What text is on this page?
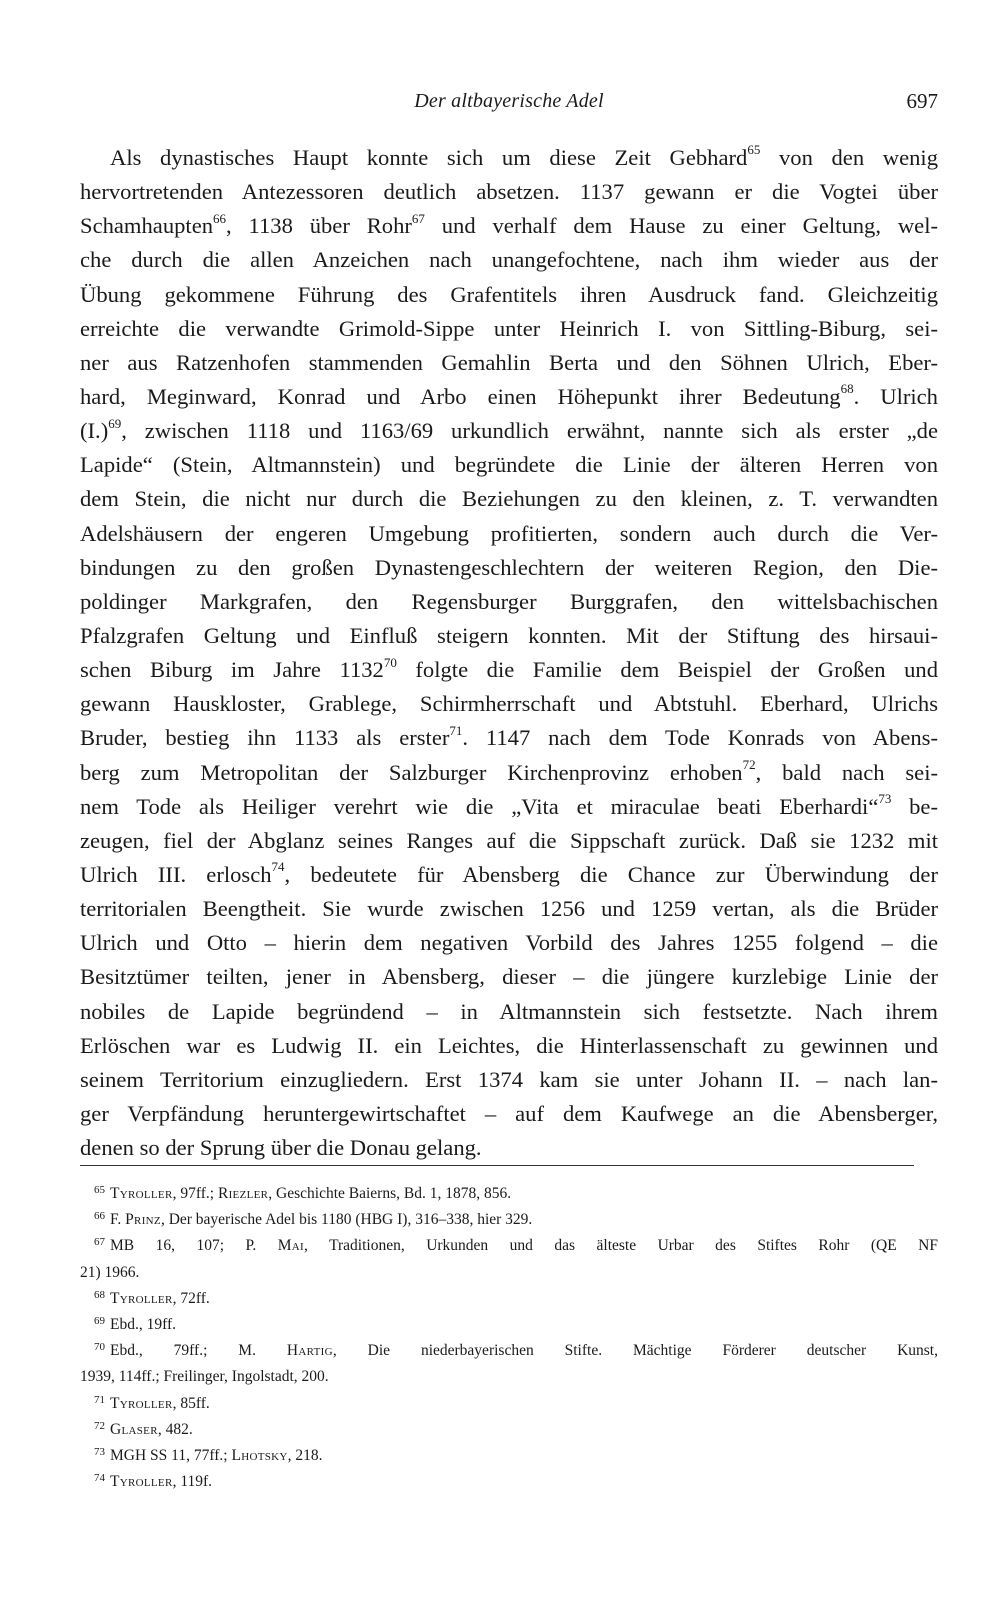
Der altbayerische Adel	697
Als dynastisches Haupt konnte sich um diese Zeit Gebhard$^{65}$ von den wenig
hervortretenden Antezessoren deutlich absetzen. 1137 gewann er die Vogtei über
Schamhaupten$^{66}$, 1138 über Rohr$^{67}$ und verhalf dem Hause zu einer Geltung, wel-
che durch die allen Anzeichen nach unangefochtene, nach ihm wieder aus der
Übung gekommene Führung des Grafentitels ihren Ausdruck fand. Gleichzeitig
erreichte die verwandte Grimold-Sippe unter Heinrich I. von Sittling-Biburg, sei-
ner aus Ratzenhofen stammenden Gemahlin Berta und den Söhnen Ulrich, Eber-
hard, Meginward, Konrad und Arbo einen Höhepunkt ihrer Bedeutung$^{68}$. Ulrich
$(I.)^{69}$, zwischen 1118 und 1163/69 urkundlich erwähnt, nannte sich als erster „de
Lapide“ (Stein, Altmannstein) und begründete die Linie der älteren Herren von
dem Stein, die nicht nur durch die Beziehungen zu den kleinen, z. T. verwandten
Adelshäusern der engeren Umgebung profitierten, sondern auch durch die Ver-
bindungen zu den großen Dynastengeschlechtern der weiteren Region, den Die-
poldinger Markgrafen, den Regensburger Burggrafen, den wittelsbachischen
Pfalzgrafen Geltung und Einfluß steigern konnten. Mit der Stiftung des hirsaui-
schen Biburg im Jahre 1132$^{70}$ folgte die Familie dem Beispiel der Großen und
gewann Hauskloster, Grablege, Schirmherrschaft und Abtstuhl. Eberhard, Ulrichs
Bruder, bestieg ihn 1133 als erster$^{71}$. 1147 nach dem Tode Konrads von Abens-
berg zum Metropolitan der Salzburger Kirchenprovinz erhoben$^{72}$, bald nach sei-
nem Tode als Heiliger verehrt wie die „Vita et miraculae beati Eberhardi“$^{73}$ be-
zeugen, fiel der Abglanz seines Ranges auf die Sippschaft zurück. Daß sie 1232 mit
Ulrich III. erlosch$^{74}$, bedeutete für Abensberg die Chance zur Überwindung der
territorialen Beengtheit. Sie wurde zwischen 1256 und 1259 vertan, als die Brüder
Ulrich und Otto – hierin dem negativen Vorbild des Jahres 1255 folgend – die
Besitztümer teilten, jener in Abensberg, dieser – die jüngere kurzlebige Linie der
nobiles de Lapide begründend – in Altmannstein sich festsetzte. Nach ihrem
Erlöschen war es Ludwig II. ein Leichtes, die Hinterlassenschaft zu gewinnen und
seinem Territorium einzugliedern. Erst 1374 kam sie unter Johann II. – nach lan-
ger Verpfändung heruntergewirtschaftet – auf dem Kaufwege an die Abensberger,
denen so der Sprung über die Donau gelang.
$^{65}$ Tyroller, 97ff.; Riezler, Geschichte Baierns, Bd. 1, 1878, 856.
$^{66}$ F. Prinz, Der bayerische Adel bis 1180 (HBG I), 316–338, hier 329.
$^{67}$ MB 16, 107; P. Mai, Traditionen, Urkunden und das älteste Urbar des Stiftes Rohr (QE NF
21) 1966.
$^{68}$ Tyroller, 72ff.
$^{69}$ Ebd., 19ff.
$^{70}$ Ebd., 79ff.; M. Hartig, Die niederbayerischen Stifte. Mächtige Förderer deutscher Kunst,
1939, 114ff.; Freilinger, Ingolstadt, 200.
$^{71}$ Tyroller, 85ff.
$^{72}$ Glaser, 482.
$^{73}$ MGH SS 11, 77ff.; Lhotsky, 218.
$^{74}$ Tyroller, 119f.
